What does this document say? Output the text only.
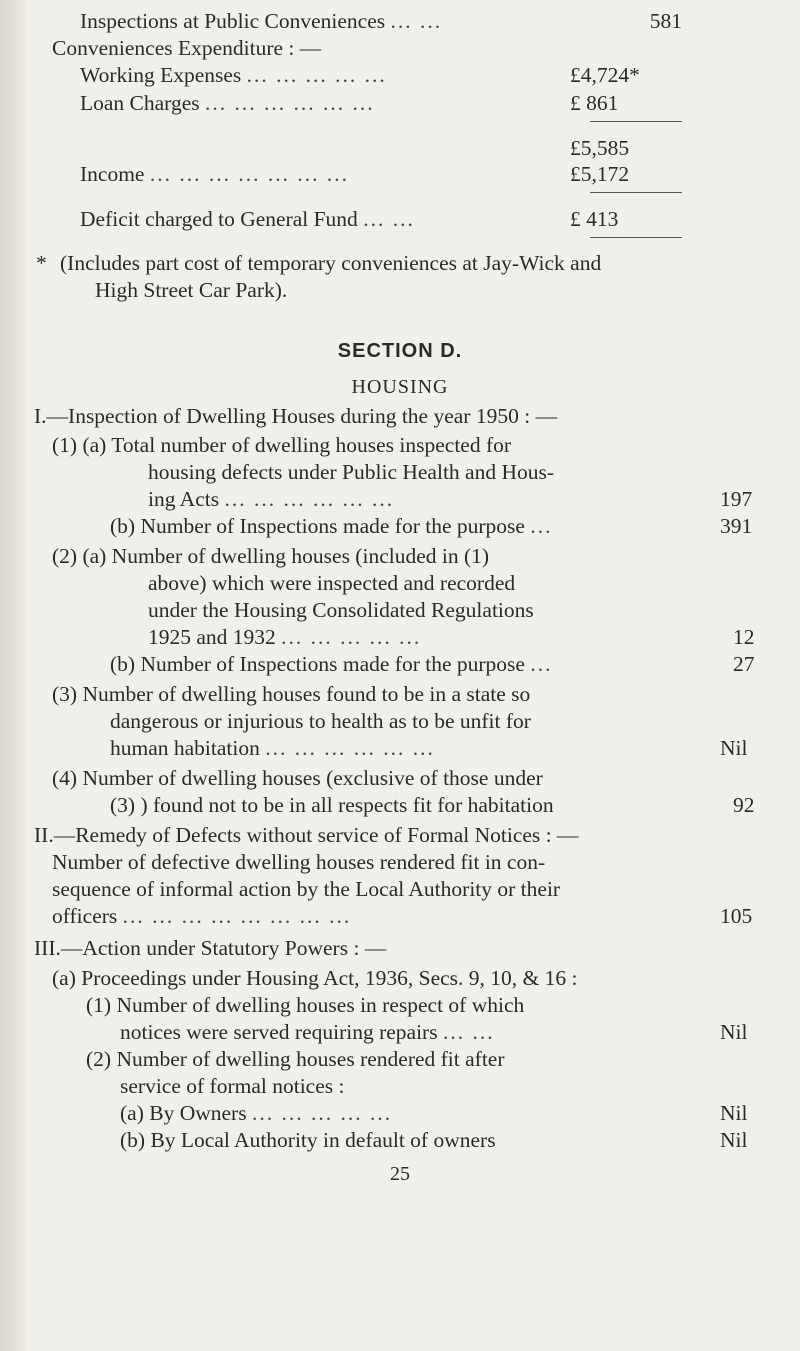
Inspections at Public Conveniences ... ...	581
Conveniences Expenditure : —
Working Expenses ... ... ... ... ...	£4,724*
Loan Charges ... ... ... ... ... ...	£ 861
£5,585
Income ... ... ... ... ... ... ...	£5,172
Deficit charged to General Fund ... ...	£ 413
* (Includes part cost of temporary conveniences at Jay-Wick and
High Street Car Park).
SECTION D.
HOUSING
I.—Inspection of Dwelling Houses during the year 1950 : —
(1) (a) Total number of dwelling houses inspected for
housing defects under Public Health and Hous-
ing Acts ... ... ... ... ... ...	197
(b) Number of Inspections made for the purpose ...	391
(2) (a) Number of dwelling houses (included in (1)
above) which were inspected and recorded
under the Housing Consolidated Regulations
1925 and 1932 ... ... ... ... ...	12
(b) Number of Inspections made for the purpose ...	27
(3) Number of dwelling houses found to be in a state so
dangerous or injurious to health as to be unfit for
human habitation ... ... ... ... ... ...	Nil
(4) Number of dwelling houses (exclusive of those under
(3) ) found not to be in all respects fit for habitation	92
II.—Remedy of Defects without service of Formal Notices : —
Number of defective dwelling houses rendered fit in con-
sequence of informal action by the Local Authority or their
officers ... ... ... ... ... ... ... ...	105
III.—Action under Statutory Powers : —
(a) Proceedings under Housing Act, 1936, Secs. 9, 10, & 16 :
(1) Number of dwelling houses in respect of which
notices were served requiring repairs ... ...	Nil
(2) Number of dwelling houses rendered fit after
service of formal notices :
(a) By Owners ... ... ... ... ...	Nil
(b) By Local Authority in default of owners	Nil
25
